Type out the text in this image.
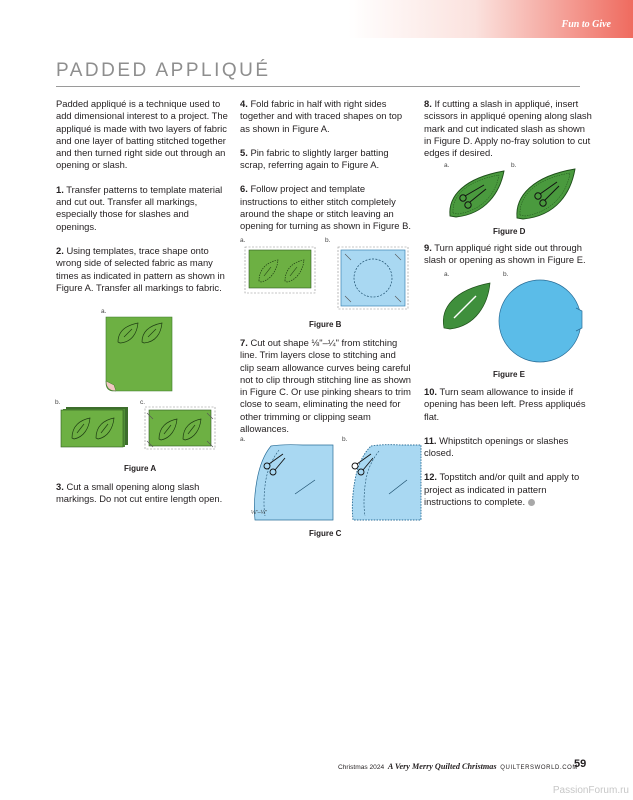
Fun to Give
PADDED APPLIQUÉ

Padded appliqué is a technique used to add dimensional interest to a project. The appliqué is made with two layers of fabric and one layer of batting stitched together and then turned right side out through an opening or slash.

1. Transfer patterns to template material and cut out. Transfer all markings, especially those for slashes and openings.

2. Using templates, trace shape onto wrong side of selected fabric as many times as indicated in pattern as shown in Figure A. Transfer all markings to fabric.

a.
b.	c.
Figure A
3. Cut a small opening along slash markings. Do not cut entire length open.

4. Fold fabric in half with right sides together and with traced shapes on top as shown in Figure A.

5. Pin fabric to slightly larger batting scrap, referring again to Figure A.

6. Follow project and template instructions to either stitch completely around the shape or stitch leaving an opening for turning as shown in Figure B.

a.	b.
Figure B
7. Cut out shape ⅛"–¼" from stitching line. Trim layers close to stitching and clip seam allowance curves being careful not to clip through stitching line as shown in Figure C. Or use pinking shears to trim close to seam, eliminating the need for other trimming or clipping seam allowances.
a.
⅛"–¼"
b.
Figure C
8. If cutting a slash in appliqué, insert scissors in appliqué opening along slash mark and cut indicated slash as shown in Figure D. Apply no-fray solution to cut edges if desired.
a.	b.
Figure D
9. Turn appliqué right side out through slash or opening as shown in Figure E.
a.	b.
Figure E

10. Turn seam allowance to inside if opening has been left. Press appliqués flat.

11. Whipstitch openings or slashes closed.

12. Topstitch and/or quilt and apply to project as indicated in pattern instructions to complete.

Christmas 2024 A Very Merry Quilted Christmas QUILTERSWORLD.COM
59
PassionForum.ru
